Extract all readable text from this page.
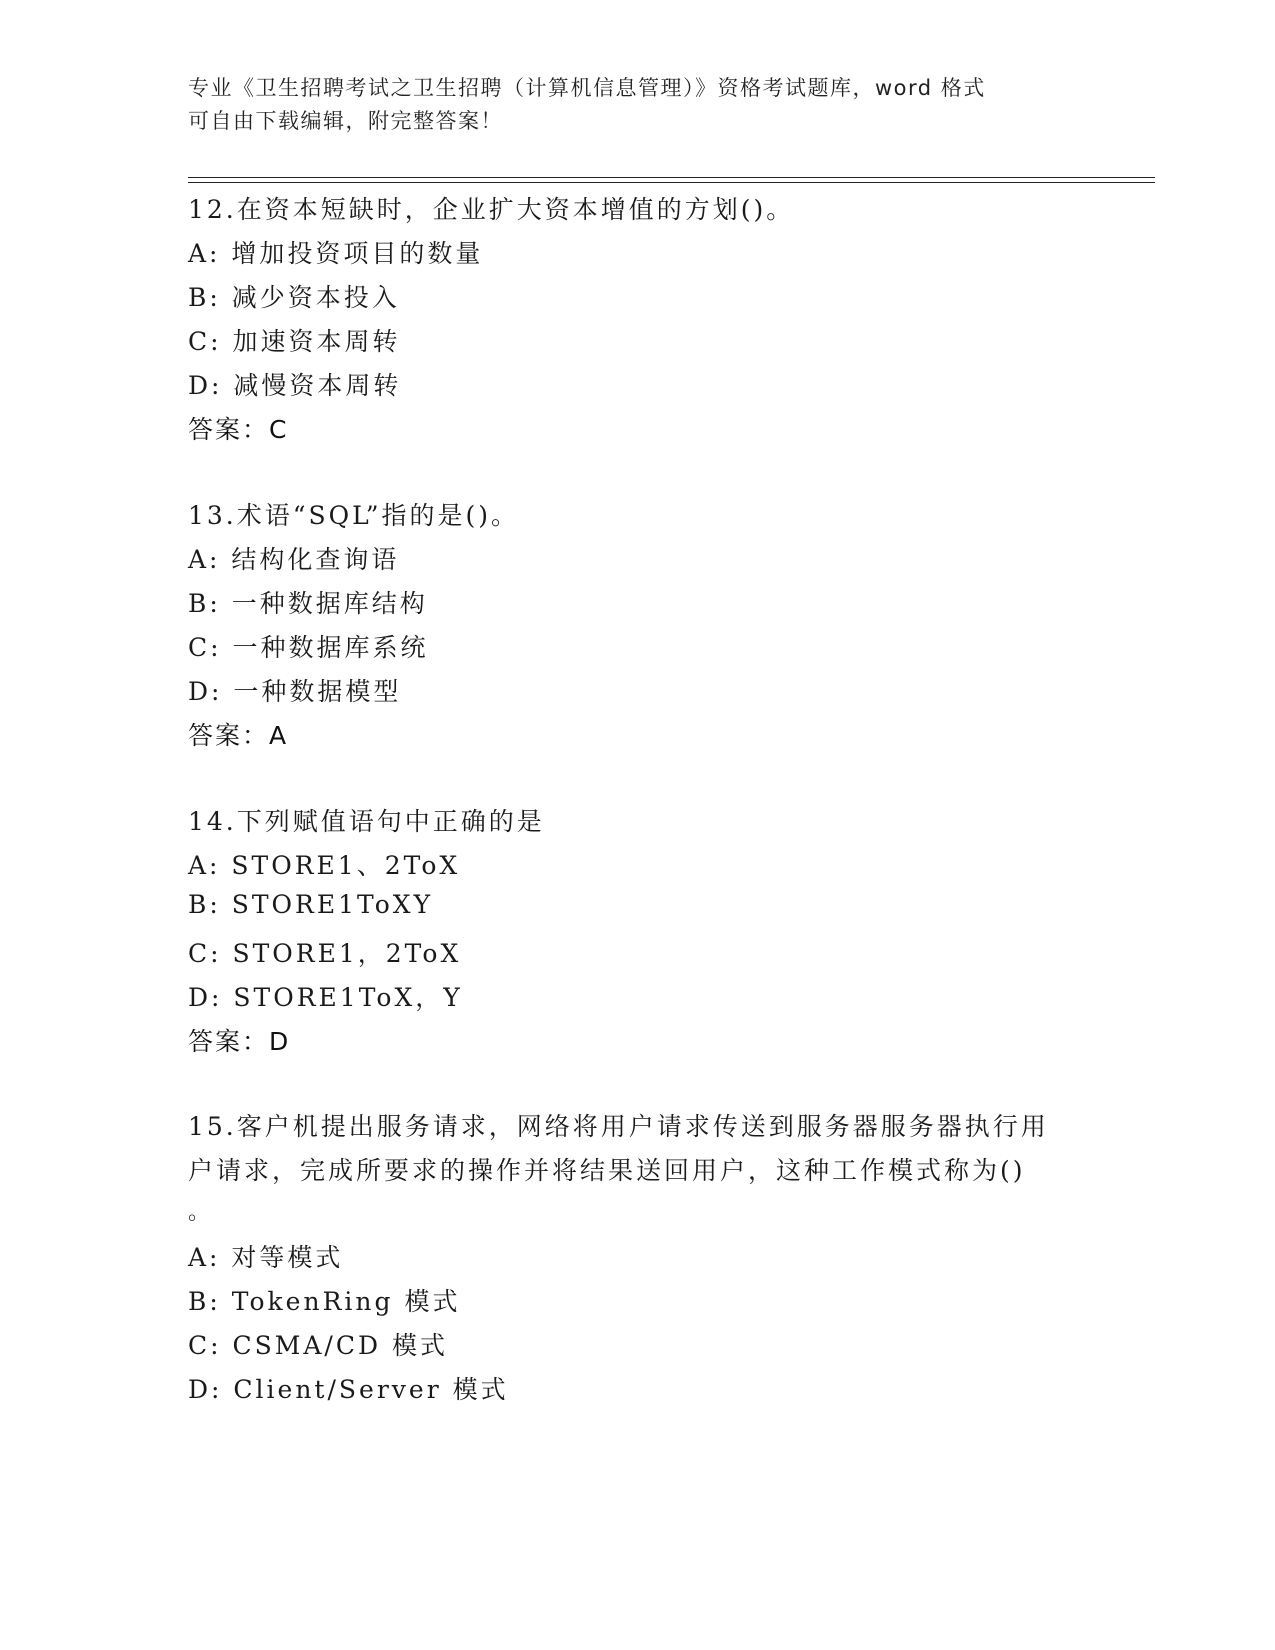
专业《卫生招聘考试之卫生招聘（计算机信息管理）》资格考试题库，word 格式
可自由下载编辑，附完整答案！
12.在资本短缺时，企业扩大资本增值的方划()。
A: 增加投资项目的数量
B: 减少资本投入
C: 加速资本周转
D: 减慢资本周转
答案：C
13.术语“SQL”指的是()。
A: 结构化查询语
B: 一种数据库结构
C: 一种数据库系统
D: 一种数据模型
答案：A
14.下列赋值语句中正确的是
A: STORE1、2ToX
B: STORE1ToXY
C: STORE1，2ToX
D: STORE1ToX，Y
答案：D
15.客户机提出服务请求，网络将用户请求传送到服务器服务器执行用
户请求，完成所要求的操作并将结果送回用户，这种工作模式称为()
。
A: 对等模式
B: TokenRing 模式
C: CSMA/CD 模式
D: Client/Server 模式
